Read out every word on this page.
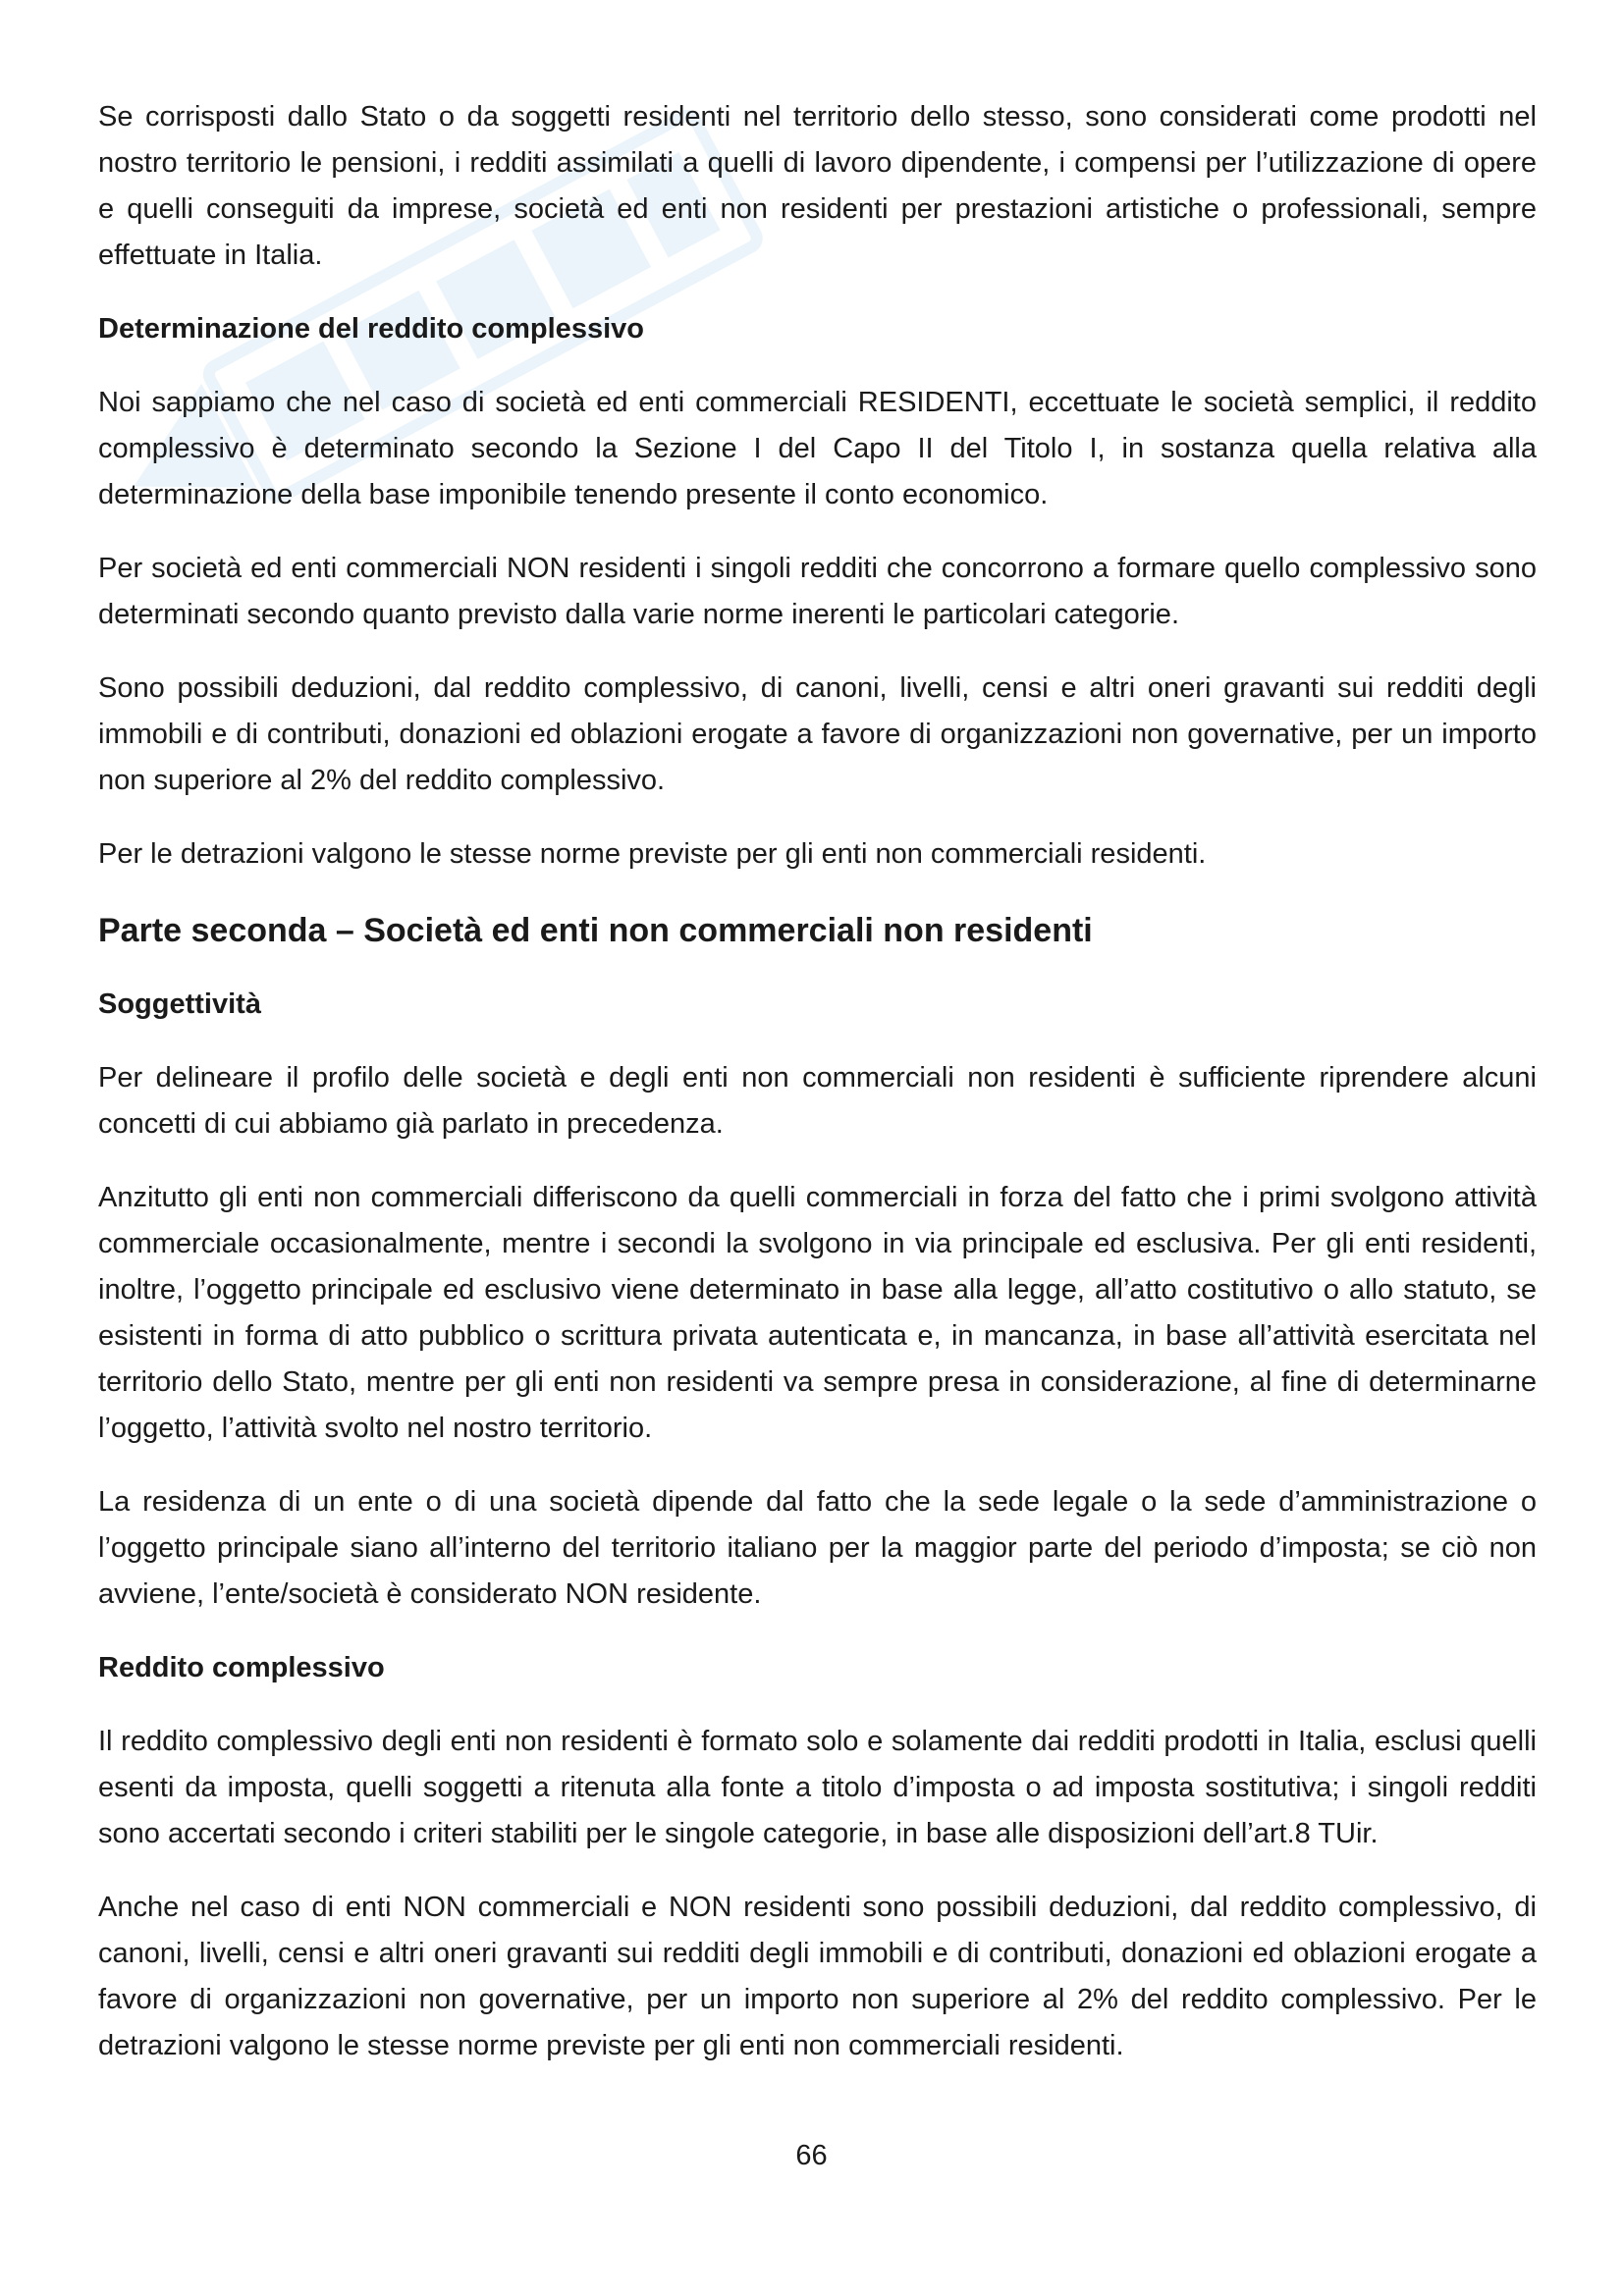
Se corrisposti dallo Stato o da soggetti residenti nel territorio dello stesso, sono considerati come prodotti nel nostro territorio le pensioni, i redditi assimilati a quelli di lavoro dipendente, i compensi per l’utilizzazione di opere e quelli conseguiti da imprese, società ed enti non residenti per prestazioni artistiche o professionali, sempre effettuate in Italia.

Determinazione del reddito complessivo

Noi sappiamo che nel caso di società ed enti commerciali RESIDENTI, eccettuate le società semplici, il reddito complessivo è determinato secondo la Sezione I del Capo II del Titolo I, in sostanza quella relativa alla determinazione della base imponibile tenendo presente il conto economico.

Per società ed enti commerciali NON residenti i singoli redditi che concorrono a formare quello complessivo sono determinati secondo quanto previsto dalla varie norme inerenti le particolari categorie.

Sono possibili deduzioni, dal reddito complessivo, di canoni, livelli, censi e altri oneri gravanti sui redditi degli immobili e di contributi, donazioni ed oblazioni erogate a favore di organizzazioni non governative, per un importo non superiore al 2% del reddito complessivo.

Per le detrazioni valgono le stesse norme previste per gli enti non commerciali residenti.

Parte seconda – Società ed enti non commerciali non residenti
Soggettività

Per delineare il profilo delle società e degli enti non commerciali non residenti è sufficiente riprendere alcuni concetti di cui abbiamo già parlato in precedenza.

Anzitutto gli enti non commerciali differiscono da quelli commerciali in forza del fatto che i primi svolgono attività commerciale occasionalmente, mentre i secondi la svolgono in via principale ed esclusiva. Per gli enti residenti, inoltre, l’oggetto principale ed esclusivo viene determinato in base alla legge, all’atto costitutivo o allo statuto, se esistenti in forma di atto pubblico o scrittura privata autenticata e, in mancanza, in base all’attività esercitata nel territorio dello Stato, mentre per gli enti non residenti va sempre presa in considerazione, al fine di determinarne l’oggetto, l’attività svolto nel nostro territorio.

La residenza di un ente o di una società dipende dal fatto che la sede legale o la sede d’amministrazione o l’oggetto principale siano all’interno del territorio italiano per la maggior parte del periodo d’imposta; se ciò non avviene, l’ente/società è considerato NON residente.

Reddito complessivo

Il reddito complessivo degli enti non residenti è formato solo e solamente dai redditi prodotti in Italia, esclusi quelli esenti da imposta, quelli soggetti a ritenuta alla fonte a titolo d’imposta o ad imposta sostitutiva; i singoli redditi sono accertati secondo i criteri stabiliti per le singole categorie, in base alle disposizioni dell’art.8 TUir.

Anche nel caso di enti NON commerciali e NON residenti sono possibili deduzioni, dal reddito complessivo, di canoni, livelli, censi e altri oneri gravanti sui redditi degli immobili e di contributi, donazioni ed oblazioni erogate a favore di organizzazioni non governative, per un importo non superiore al 2% del reddito complessivo. Per le detrazioni valgono le stesse norme previste per gli enti non commerciali residenti.

66
